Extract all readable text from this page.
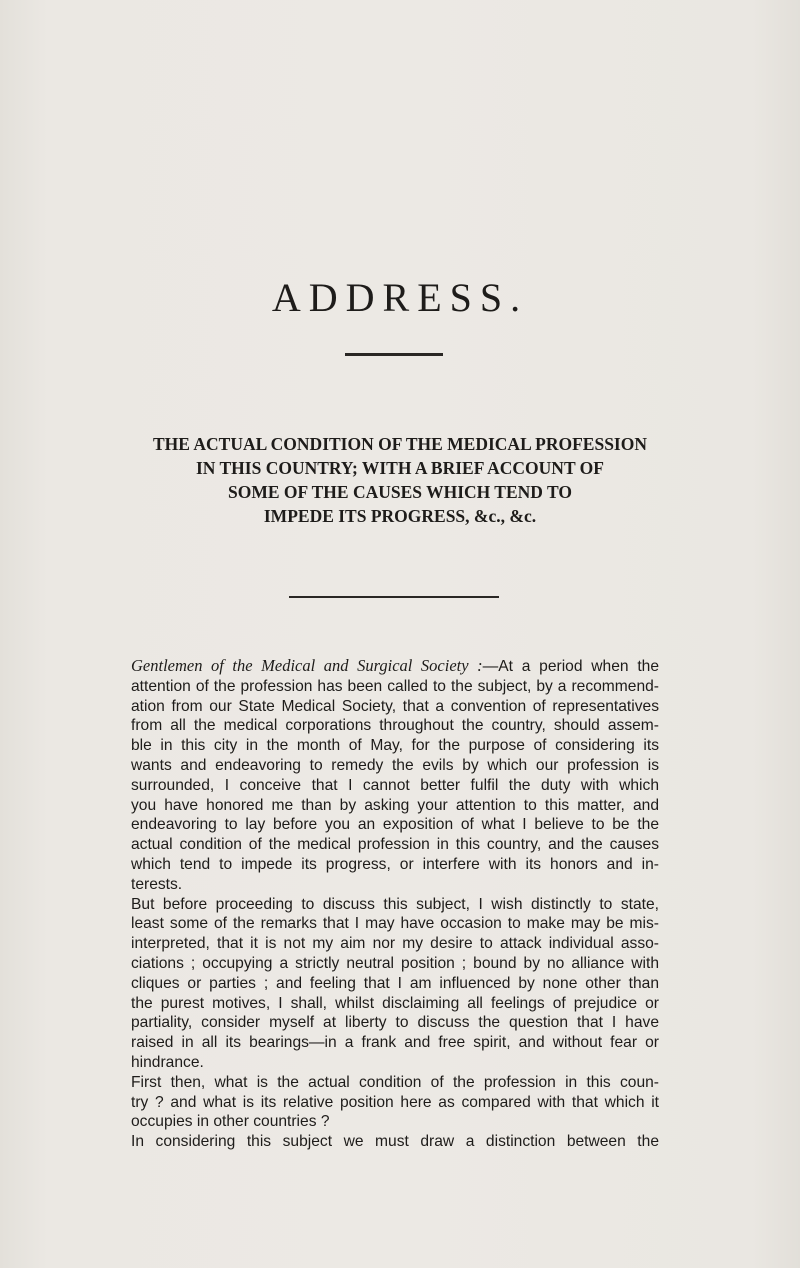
ADDRESS.
THE ACTUAL CONDITION OF THE MEDICAL PROFESSION
IN THIS COUNTRY; WITH A BRIEF ACCOUNT OF
SOME OF THE CAUSES WHICH TEND TO
IMPEDE ITS PROGRESS, &c., &c.
Gentlemen of the Medical and Surgical Society :—At a period when the
attention of the profession has been called to the subject, by a recommend-
ation from our State Medical Society, that a convention of representatives
from all the medical corporations throughout the country, should assem-
ble in this city in the month of May, for the purpose of considering its
wants and endeavoring to remedy the evils by which our profession is
surrounded, I conceive that I cannot better fulfil the duty with which
you have honored me than by asking your attention to this matter, and
endeavoring to lay before you an exposition of what I believe to be the
actual condition of the medical profession in this country, and the causes
which tend to impede its progress, or interfere with its honors and in-
terests.
But before proceeding to discuss this subject, I wish distinctly to state,
least some of the remarks that I may have occasion to make may be mis-
interpreted, that it is not my aim nor my desire to attack individual asso-
ciations ; occupying a strictly neutral position ; bound by no alliance with
cliques or parties ; and feeling that I am influenced by none other than
the purest motives, I shall, whilst disclaiming all feelings of prejudice or
partiality, consider myself at liberty to discuss the question that I have
raised in all its bearings—in a frank and free spirit, and without fear or
hindrance.
First then, what is the actual condition of the profession in this coun-
try ? and what is its relative position here as compared with that which it
occupies in other countries ?
In considering this subject we must draw a distinction between the
